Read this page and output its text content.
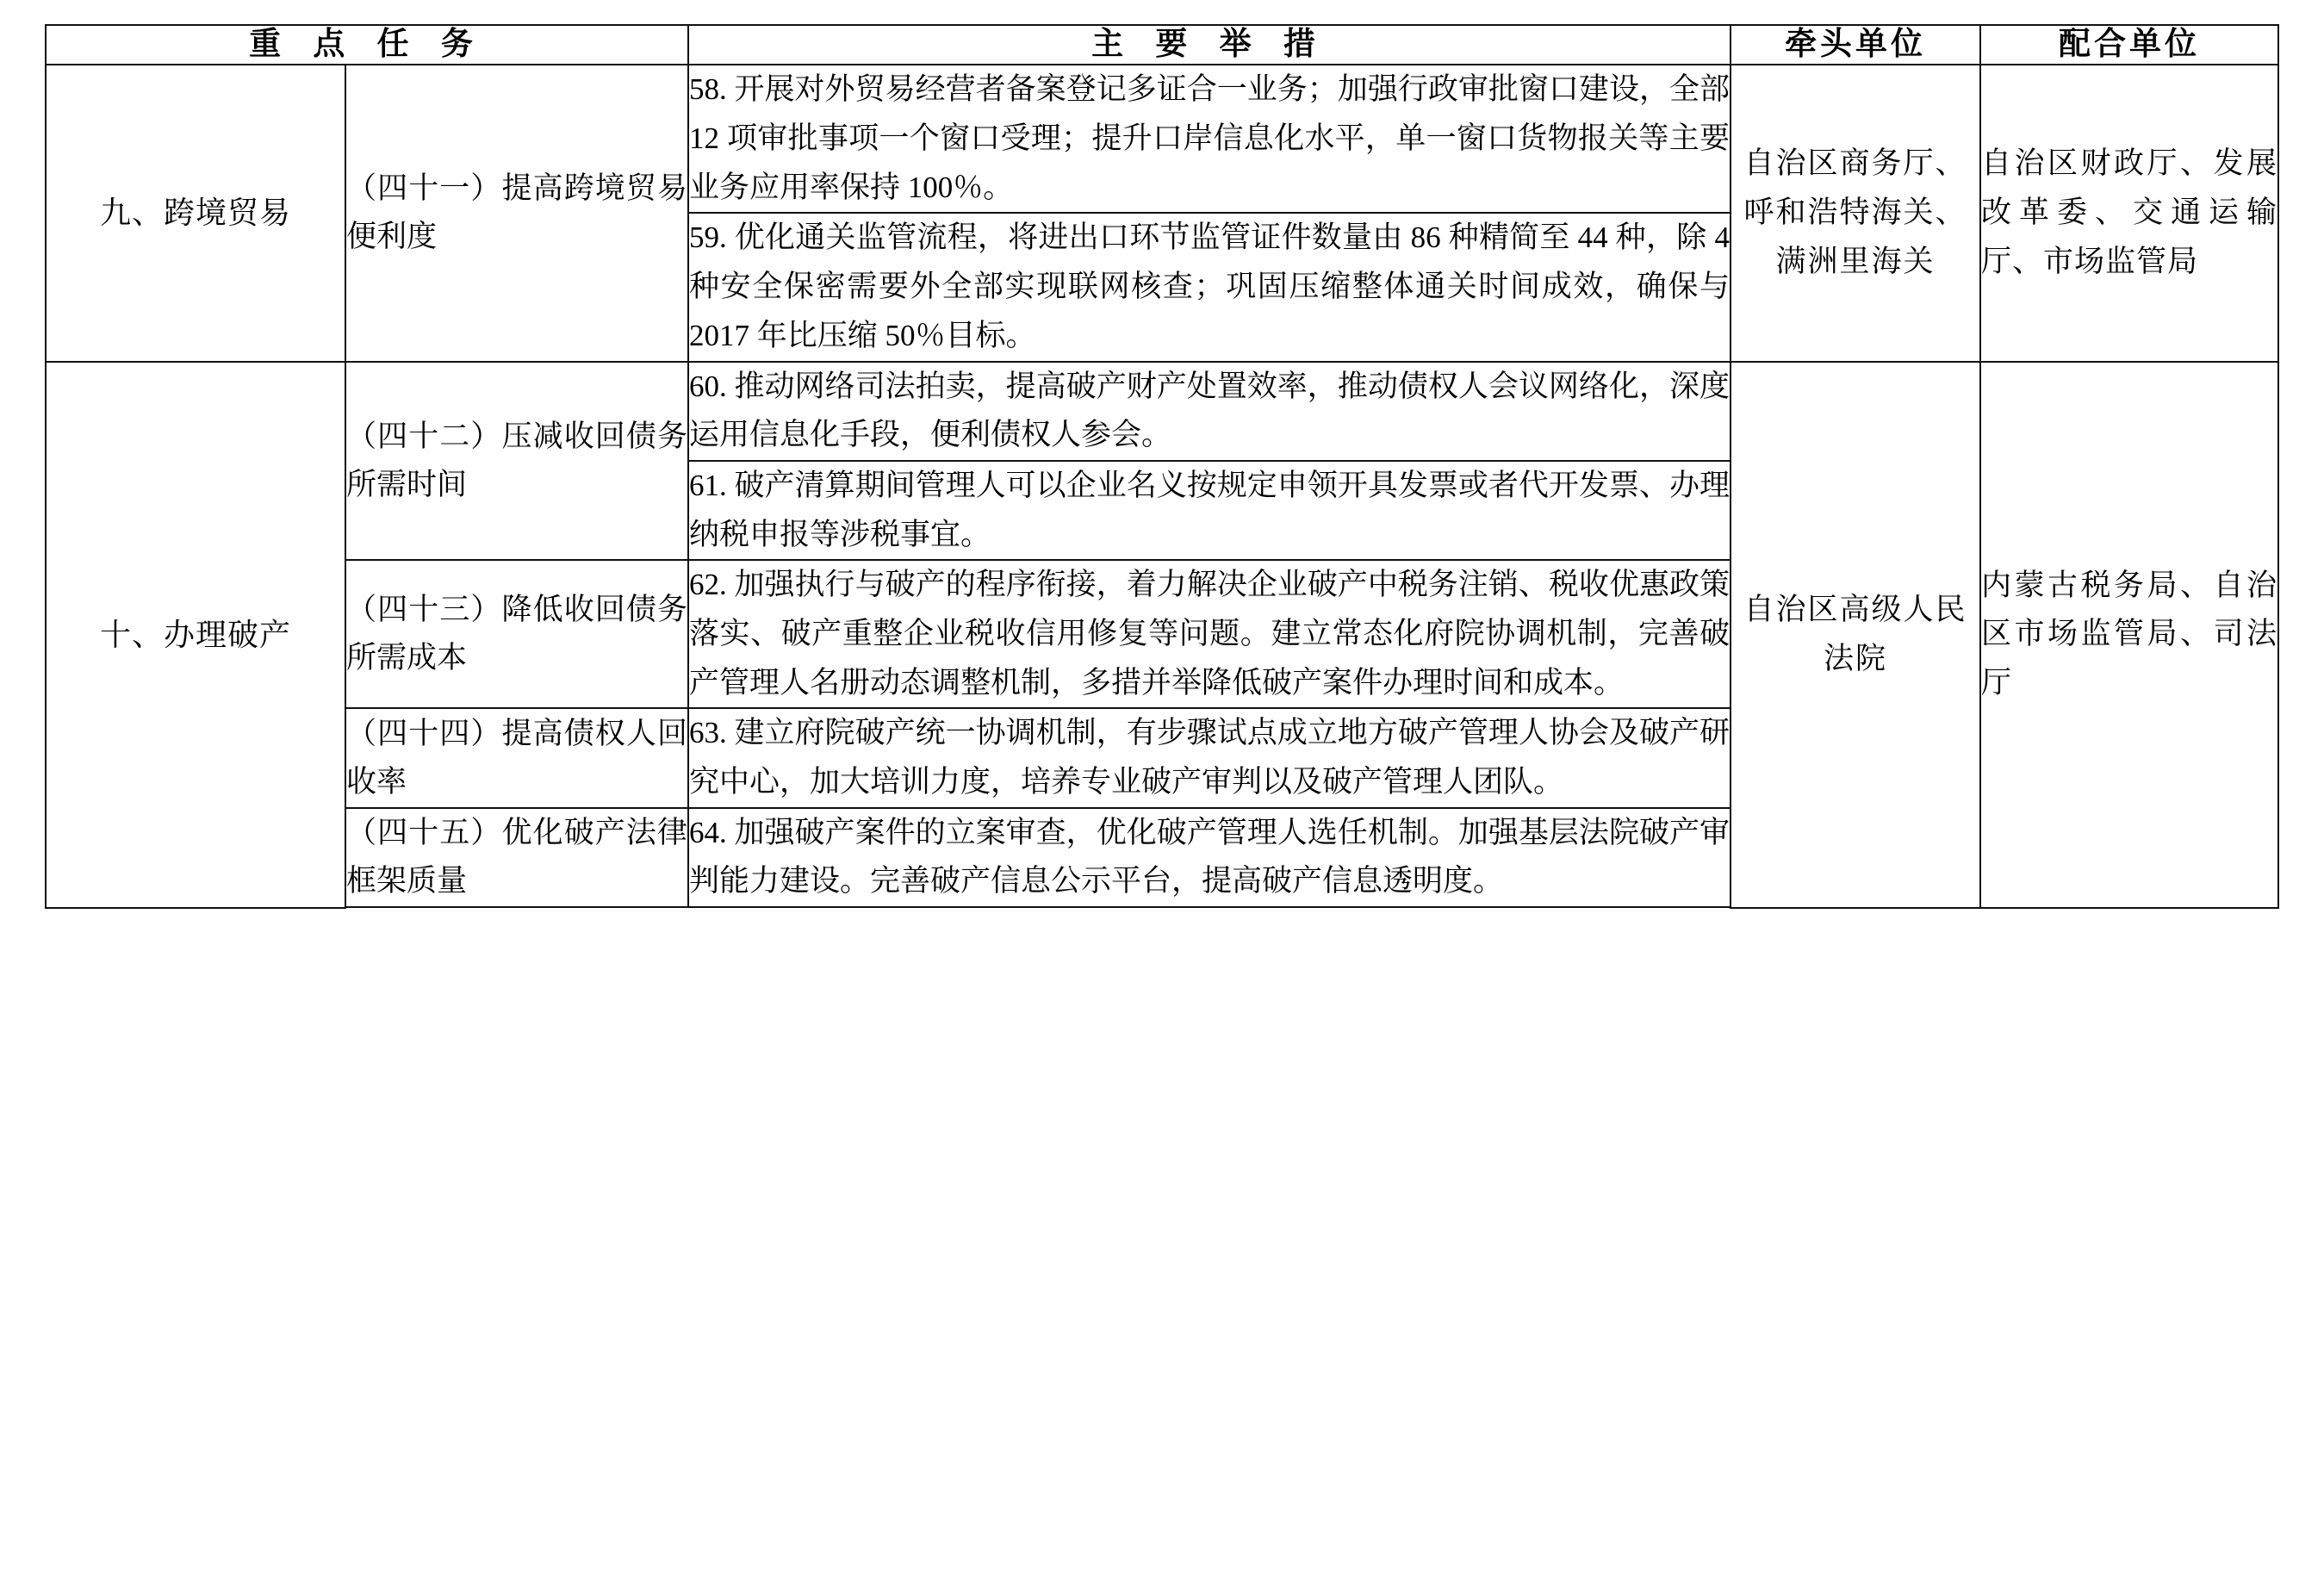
重 点 任 务		主 要 举 措	牵头单位	配合单位
九、跨境贸易	（四十一）提高跨境贸易便利度	58. 开展对外贸易经营者备案登记多证合一业务；加强行政审批窗口建设，全部 12 项审批事项一个窗口受理；提升口岸信息化水平，单一窗口货物报关等主要业务应用率保持 100％。	自治区商务厅、呼和浩特海关、满洲里海关	自治区财政厅、发展改革委、交通运输厅、市场监管局
		59. 优化通关监管流程，将进出口环节监管证件数量由 86 种精简至 44 种，除 4 种安全保密需要外全部实现联网核查；巩固压缩整体通关时间成效，确保与 2017 年比压缩 50％目标。		
十、办理破产	（四十二）压减收回债务所需时间	60. 推动网络司法拍卖，提高破产财产处置效率，推动债权人会议网络化，深度运用信息化手段，便利债权人参会。	自治区高级人民法院	内蒙古税务局、自治区市场监管局、司法厅
		61. 破产清算期间管理人可以企业名义按规定申领开具发票或者代开发票、办理纳税申报等涉税事宜。		
	（四十三）降低收回债务所需成本	62. 加强执行与破产的程序衔接，着力解决企业破产中税务注销、税收优惠政策落实、破产重整企业税收信用修复等问题。建立常态化府院协调机制，完善破产管理人名册动态调整机制，多措并举降低破产案件办理时间和成本。		
	（四十四）提高债权人回收率	63. 建立府院破产统一协调机制，有步骤试点成立地方破产管理人协会及破产研究中心，加大培训力度，培养专业破产审判以及破产管理人团队。		
	（四十五）优化破产法律框架质量	64. 加强破产案件的立案审查，优化破产管理人选任机制。加强基层法院破产审判能力建设。完善破产信息公示平台，提高破产信息透明度。		
